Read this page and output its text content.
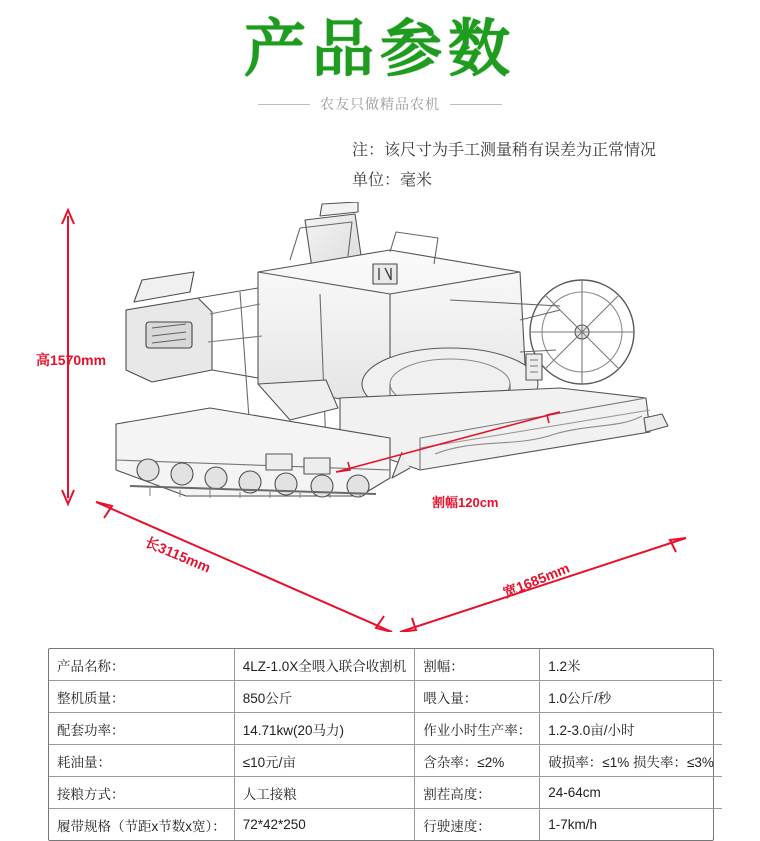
产品参数
农友只做精品农机
注：该尺寸为手工测量稍有误差为正常情况
单位：毫米
高1570mm
长3115mm
宽1685mm
割幅120cm
产品名称：	4LZ-1.0X全喂入联合收割机	割幅：	1.2米
整机质量：	850公斤	喂入量：	1.0公斤/秒
配套功率：	14.71kw(20马力)	作业小时生产率：	1.2-3.0亩/小时
耗油量：	≤10元/亩	含杂率：≤2%	破损率：≤1% 损失率：≤3%
接粮方式：	人工接粮	割茬高度：	24-64cm
履带规格（节距x节数x宽）：	72*42*250	行驶速度：	1-7km/h
